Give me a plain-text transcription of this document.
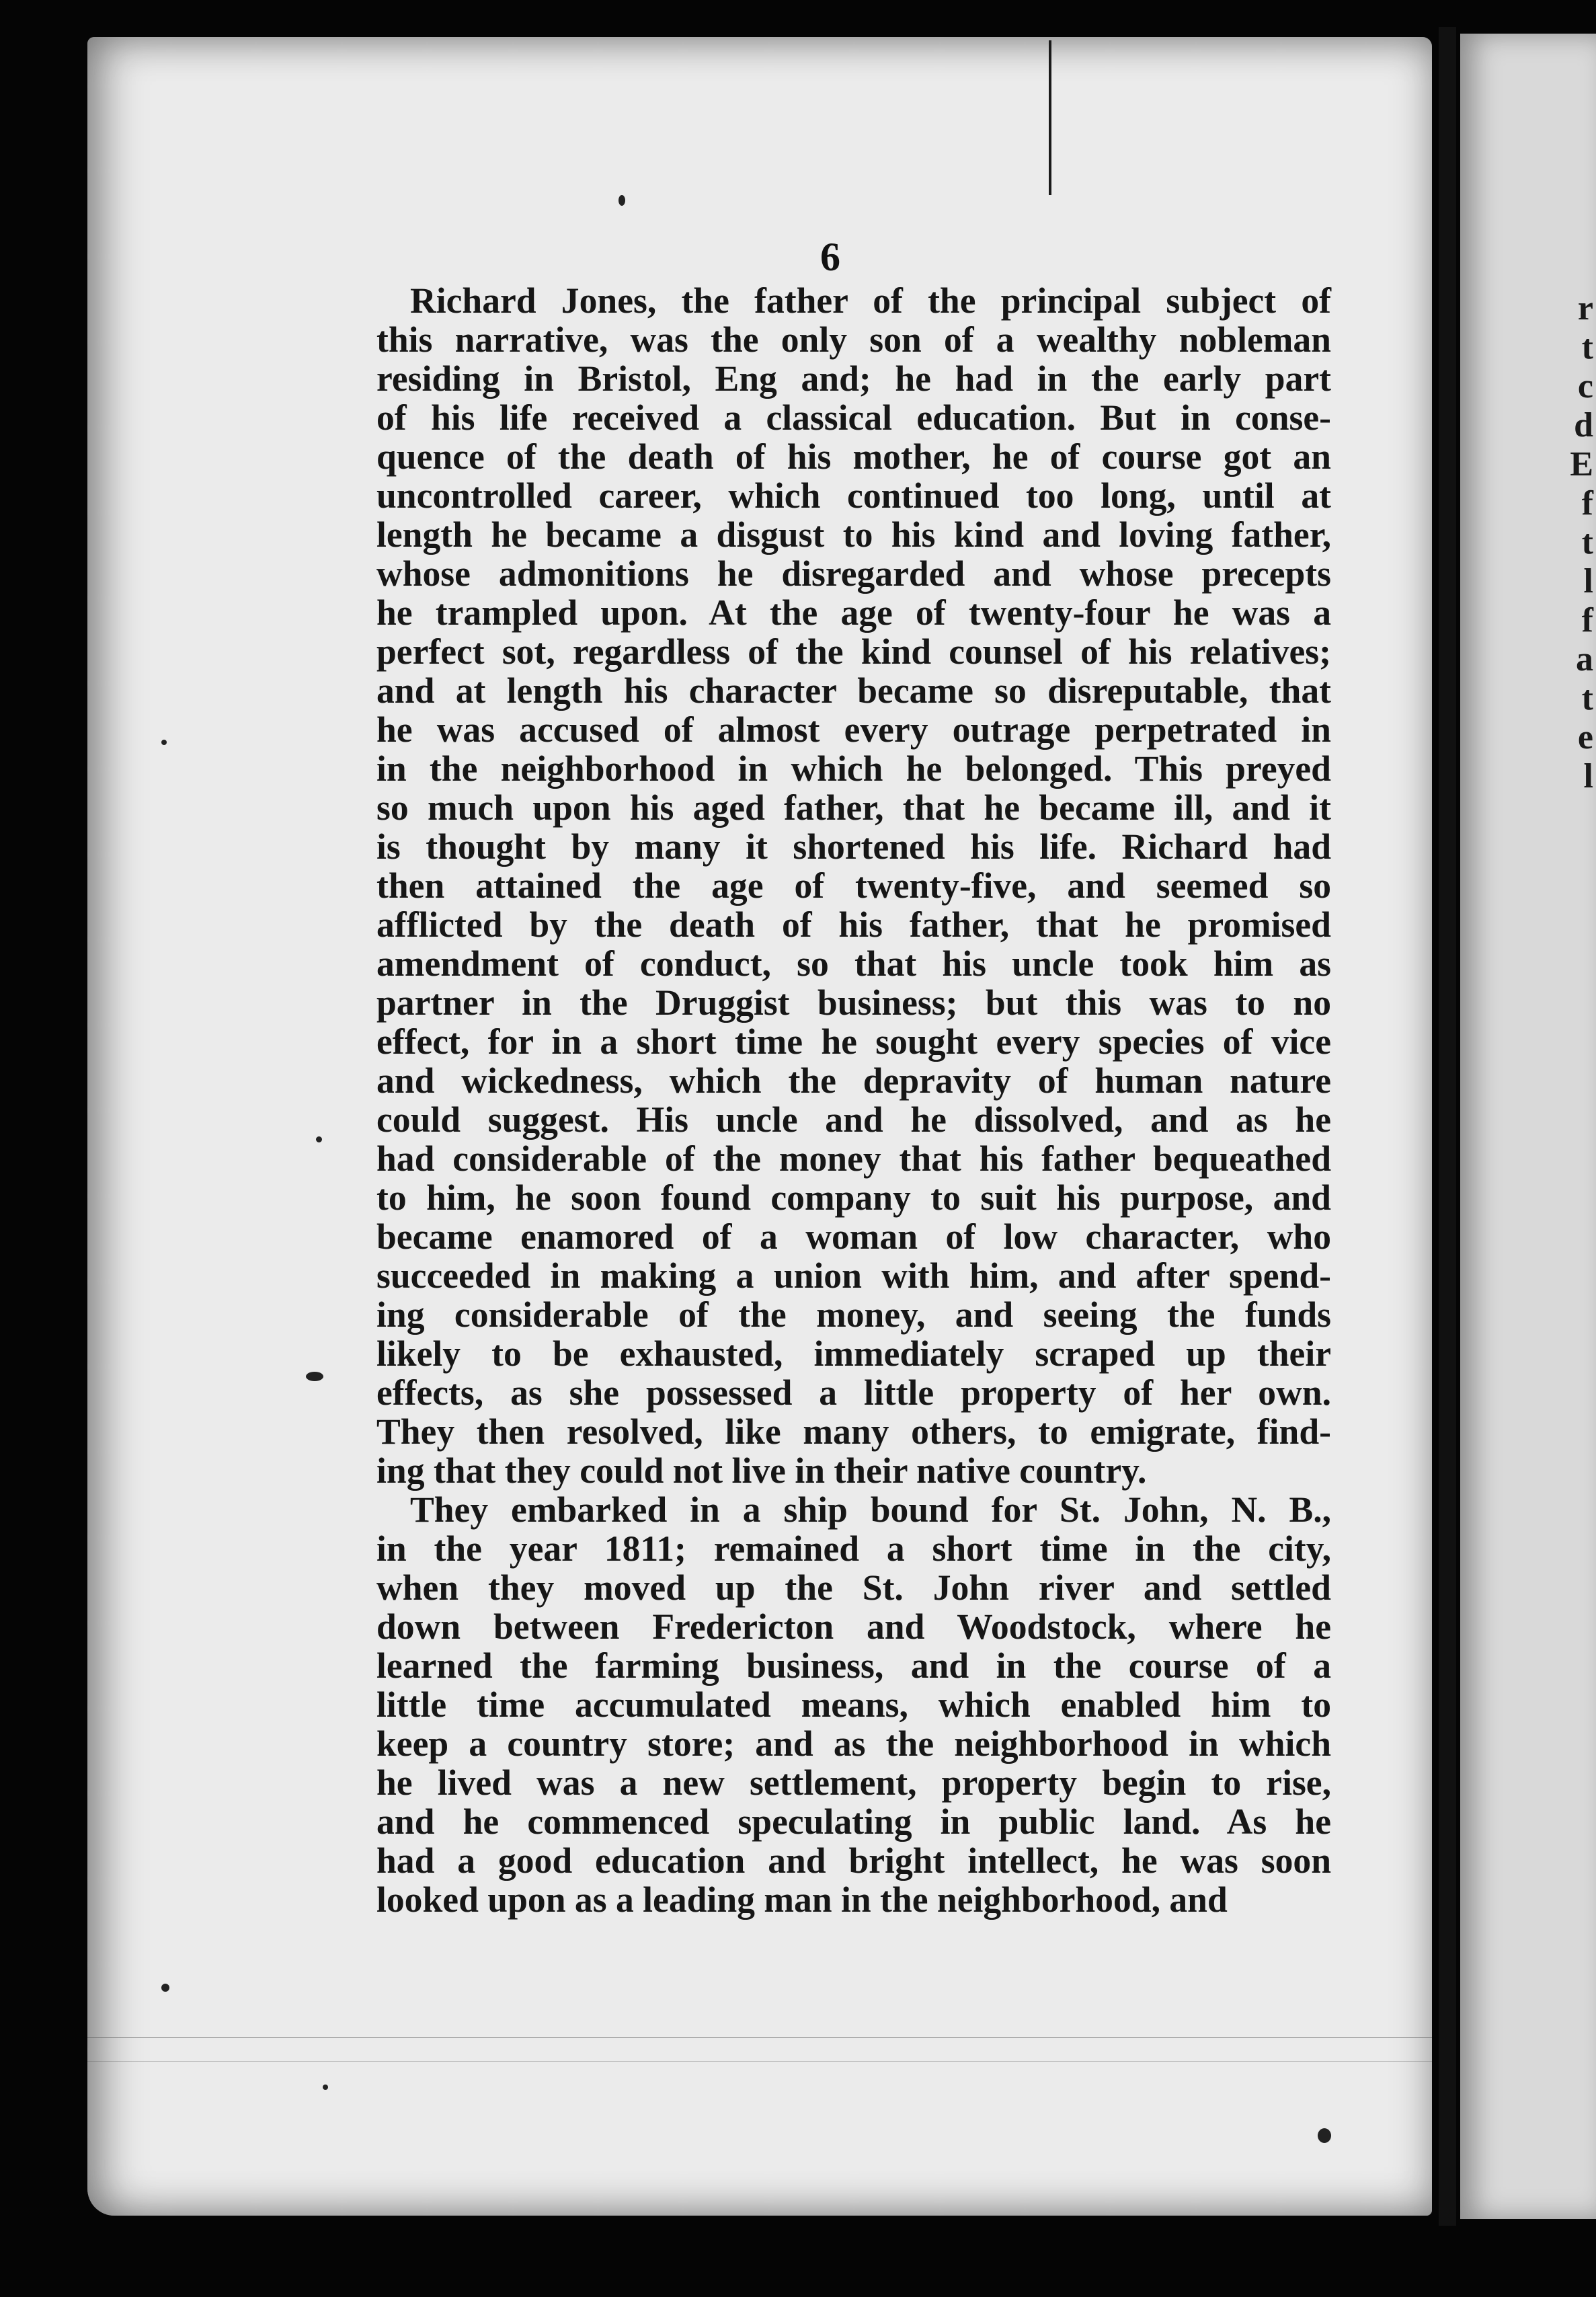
r
t
c
d
E
f
t
l
f
a
t
e
l
6
Richard Jones, the father of the principal subject of
this narrative, was the only son of a wealthy nobleman
residing in Bristol, Eng and; he had in the early part
of his life received a classical education. But in conse-
quence of the death of his mother, he of course got an
uncontrolled career, which continued too long, until at
length he became a disgust to his kind and loving father,
whose admonitions he disregarded and whose precepts
he trampled upon. At the age of twenty-four he was a
perfect sot, regardless of the kind counsel of his relatives;
and at length his character became so disreputable, that
he was accused of almost every outrage perpetrated in
in the neighborhood in which he belonged. This preyed
so much upon his aged father, that he became ill, and it
is thought by many it shortened his life. Richard had
then attained the age of twenty-five, and seemed so
afflicted by the death of his father, that he promised
amendment of conduct, so that his uncle took him as
partner in the Druggist business; but this was to no
effect, for in a short time he sought every species of vice
and wickedness, which the depravity of human nature
could suggest. His uncle and he dissolved, and as he
had considerable of the money that his father bequeathed
to him, he soon found company to suit his purpose, and
became enamored of a woman of low character, who
succeeded in making a union with him, and after spend-
ing considerable of the money, and seeing the funds
likely to be exhausted, immediately scraped up their
effects, as she possessed a little property of her own.
They then resolved, like many others, to emigrate, find-
ing that they could not live in their native country.
They embarked in a ship bound for St. John, N. B.,
in the year 1811; remained a short time in the city,
when they moved up the St. John river and settled
down between Fredericton and Woodstock, where he
learned the farming business, and in the course of a
little time accumulated means, which enabled him to
keep a country store; and as the neighborhood in which
he lived was a new settlement, property begin to rise,
and he commenced speculating in public land. As he
had a good education and bright intellect, he was soon
looked upon as a leading man in the neighborhood, and
